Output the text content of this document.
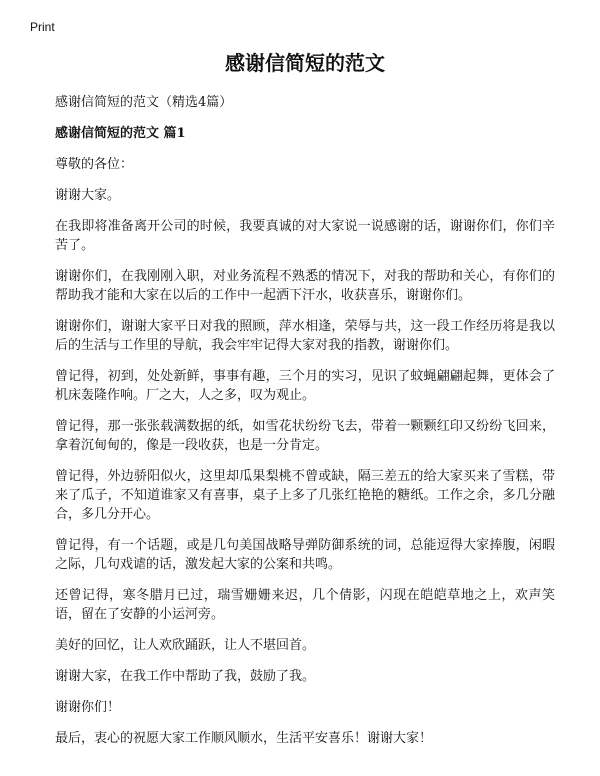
Print
感谢信简短的范文

感谢信简短的范文（精选4篇）

感谢信简短的范文 篇1

尊敬的各位：

谢谢大家。

在我即将准备离开公司的时候，我要真诚的对大家说一说感谢的话，谢谢你们，你们辛苦了。

谢谢你们，在我刚刚入职，对业务流程不熟悉的情况下，对我的帮助和关心，有你们的帮助我才能和大家在以后的工作中一起洒下汗水，收获喜乐，谢谢你们。

谢谢你们，谢谢大家平日对我的照顾，萍水相逢，荣辱与共，这一段工作经历将是我以后的生活与工作里的导航，我会牢牢记得大家对我的指教，谢谢你们。

曾记得，初到，处处新鲜，事事有趣，三个月的实习，见识了蚊蝇翩翩起舞，更体会了机床轰隆作响。厂之大，人之多，叹为观止。

曾记得，那一张张载满数据的纸，如雪花状纷纷飞去，带着一颗颗红印又纷纷飞回来，拿着沉甸甸的，像是一段收获，也是一分肯定。

曾记得，外边骄阳似火，这里却瓜果梨桃不曾或缺，隔三差五的给大家买来了雪糕，带来了瓜子，不知道谁家又有喜事，桌子上多了几张红艳艳的糖纸。工作之余，多几分融合，多几分开心。

曾记得，有一个话题，或是几句美国战略导弹防御系统的词，总能逗得大家捧腹，闲暇之际，几句戏谑的话，激发起大家的公案和共鸣。

还曾记得，寒冬腊月已过，瑞雪姗姗来迟，几个倩影，闪现在皑皑草地之上，欢声笑语，留在了安静的小运河旁。

美好的回忆，让人欢欣踊跃，让人不堪回首。

谢谢大家，在我工作中帮助了我，鼓励了我。

谢谢你们！

最后，衷心的祝愿大家工作顺风顺水，生活平安喜乐！谢谢大家！
